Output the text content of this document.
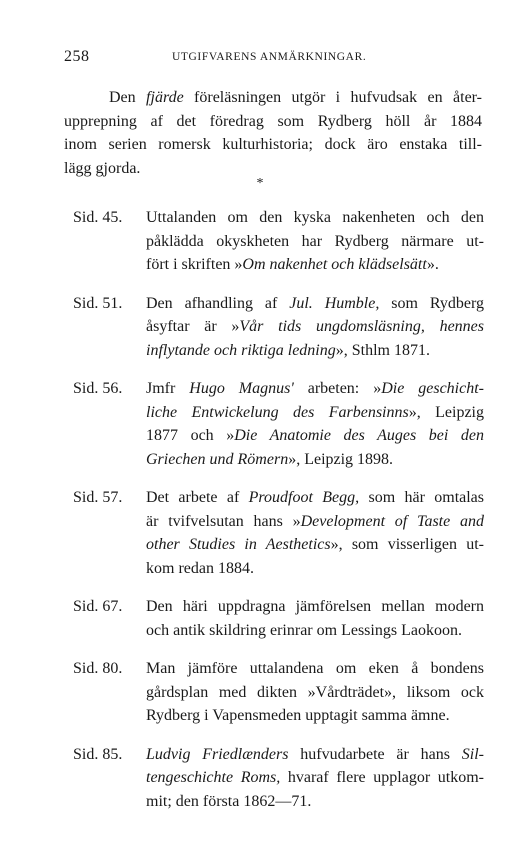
258	UTGIFVARENS ANMÄRKNINGAR.
Den fjärde föreläsningen utgör i hufvudsak en åter-
upprepning af det föredrag som Rydberg höll år 1884
inom serien romersk kulturhistoria; dock äro enstaka till-
lägg gjorda.
*
Sid. 45. Uttalanden om den kyska nakenheten och den
påklädda okyskheten har Rydberg närmare ut-
fört i skriften »Om nakenhet och klädselsätt».
Sid. 51. Den afhandling af Jul. Humble, som Rydberg
åsyftar är »Vår tids ungdomsläsning, hennes
inflytande och riktiga ledning», Sthlm 1871.
Sid. 56. Jmfr Hugo Magnus' arbeten: »Die geschicht-
liche Entwickelung des Farbensinns», Leipzig
1877 och »Die Anatomie des Auges bei den
Griechen und Römern», Leipzig 1898.
Sid. 57. Det arbete af Proudfoot Begg, som här omtalas
är tvifvelsutan hans »Development of Taste and
other Studies in Aesthetics», som visserligen ut-
kom redan 1884.
Sid. 67. Den häri uppdragna jämförelsen mellan modern
och antik skildring erinrar om Lessings Laokoon.
Sid. 80. Man jämföre uttalandena om eken å bondens
gårdsplan med dikten »Vårdträdet», liksom ock
Rydberg i Vapensmeden upptagit samma ämne.
Sid. 85. Ludvig Friedlænders hufvudarbete är hans Sil-
tengeschichte Roms, hvaraf flere upplagor utkom-
mit; den första 1862—71.
